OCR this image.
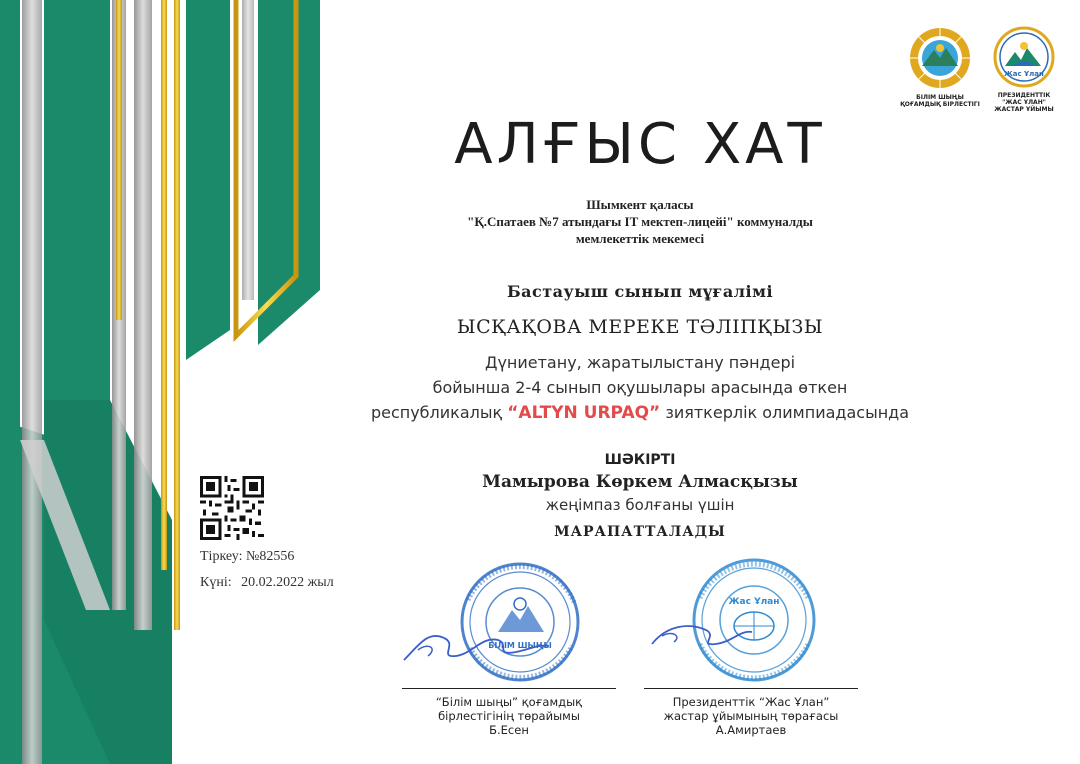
БІЛІМ ШЫҢЫ
ҚОҒАМДЫҚ БІРЛЕСТІГІ
Жас Ұлан
ПРЕЗИДЕНТТІК
"ЖАС ҰЛАН"
ЖАСТАР ҰЙЫМЫ
АЛҒЫС ХАТ
Шымкент қаласы
"Қ.Спатаев №7 атындағы IT мектеп-лицейі" коммуналды
мемлекеттік мекемесі
Бастауыш сынып мұғалімі
ЫСҚАҚОВА МЕРЕКЕ ТӘЛІПҚЫЗЫ
Дүниетану, жаратылыстану пәндері
бойынша 2-4 сынып оқушылары арасында өткен
республикалық “ALTYN URPAQ” зияткерлік олимпиадасында
ШӘКІРТІ
Мамырова Көркем Алмасқызы
жеңімпаз болғаны үшін
МАРАПАТТАЛАДЫ
Тіркеу: №82556
Күні: 20.02.2022 жыл
БІЛІМ ШЫҢЫ
Жас Ұлан
“Білім шыңы” қоғамдық
бірлестігінің төрайымы
Б.Есен
Президенттік “Жас Ұлан”
жастар ұйымының төрағасы
А.Амиртаев
